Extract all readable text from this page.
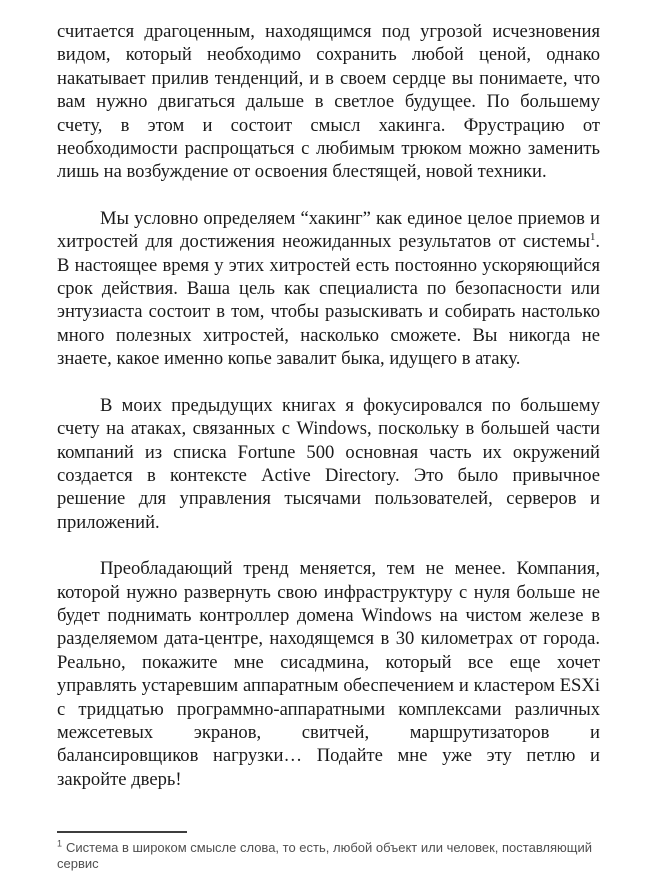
считается драгоценным, находящимся под угрозой исчезновения видом, который необходимо сохранить любой ценой, однако накатывает прилив тенденций, и в своем сердце вы понимаете, что вам нужно двигаться дальше в светлое будущее. По большему счету, в этом и состоит смысл хакинга. Фрустрацию от необходимости распрощаться с любимым трюком можно заменить лишь на возбуждение от освоения блестящей, новой техники.

Мы условно определяем “хакинг” как единое целое приемов и хитростей для достижения неожиданных результатов от системы$^1$. В настоящее время у этих хитростей есть постоянно ускоряющийся срок действия. Ваша цель как специалиста по безопасности или энтузиаста состоит в том, чтобы разыскивать и собирать настолько много полезных хитростей, насколько сможете. Вы никогда не знаете, какое именно копье завалит быка, идущего в атаку.

В моих предыдущих книгах я фокусировался по большему счету на атаках, связанных с Windows, поскольку в большей части компаний из списка Fortune 500 основная часть их окружений создается в контексте Active Directory. Это было привычное решение для управления тысячами пользователей, серверов и приложений.

Преобладающий тренд меняется, тем не менее. Компания, которой нужно развернуть свою инфраструктуру с нуля больше не будет поднимать контроллер домена Windows на чистом железе в разделяемом дата-центре, находящемся в 30 километрах от города. Реально, покажите мне сисадмина, который все еще хочет управлять устаревшим аппаратным обеспечением и кластером ESXi с тридцатью программно-аппаратными комплексами различных межсетевых экранов, свитчей, маршрутизаторов и балансировщиков нагрузки… Подайте мне уже эту петлю и закройте дверь!

$^1$ Система в широком смысле слова, то есть, любой объект или человек, поставляющий сервис
